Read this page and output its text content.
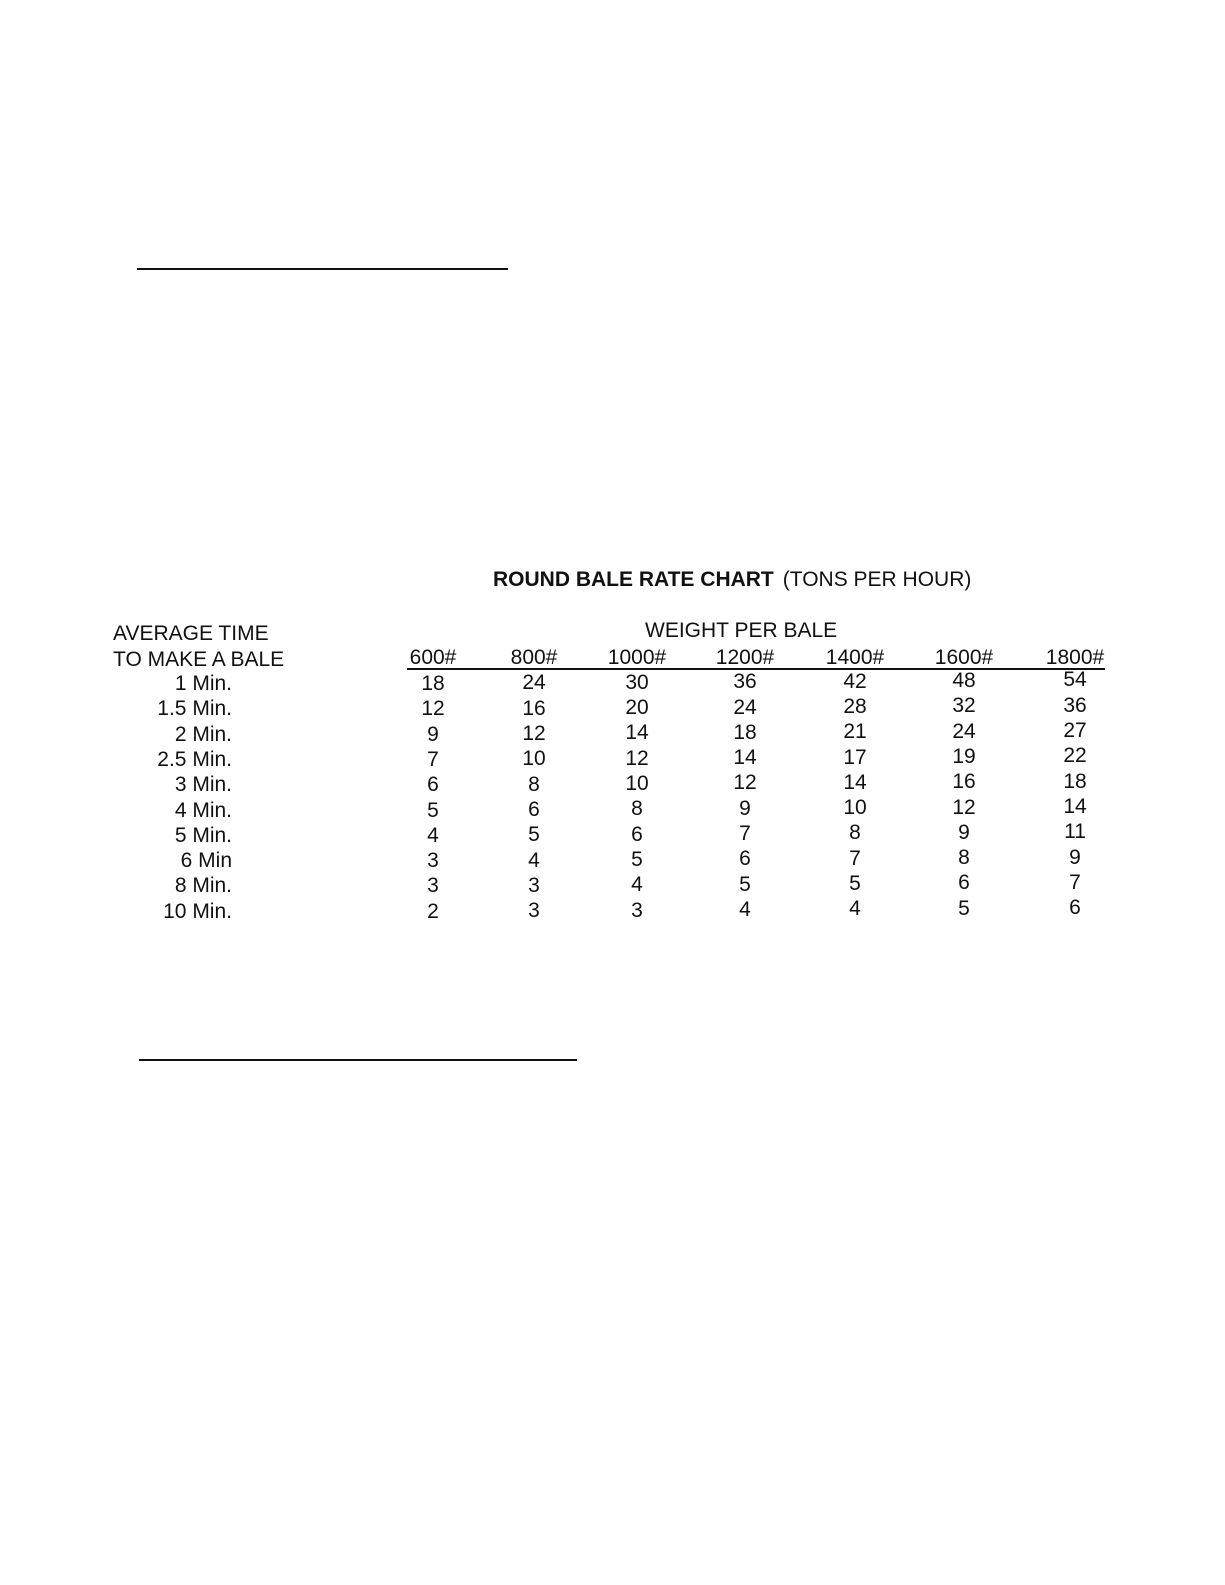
ROUND BALE RATE CHART (TONS PER HOUR)
AVERAGE TIME
TO MAKE A BALE
WEIGHT PER BALE
600#	800# 1000# 1200# 1400# 1600#	1800#
1 Min.	18	24	30	36	42	48	54
1.5 Min.	12	16	20	24	28	32	36
2 Min.	9	12	14	18	21	24	27
2.5 Min.	7	10	12	14	17	19	22
3 Min.	6	8	10	12	14	16	18
4 Min.	5	6	8	9	10	12	14
5 Min.	4	5	6	7	8	9	11
6 Min	3	4	5	6	7	8	9
8 Min.	3	3	4	5	5	6	7
10 Min.	2	3	3	4	4	5	6
